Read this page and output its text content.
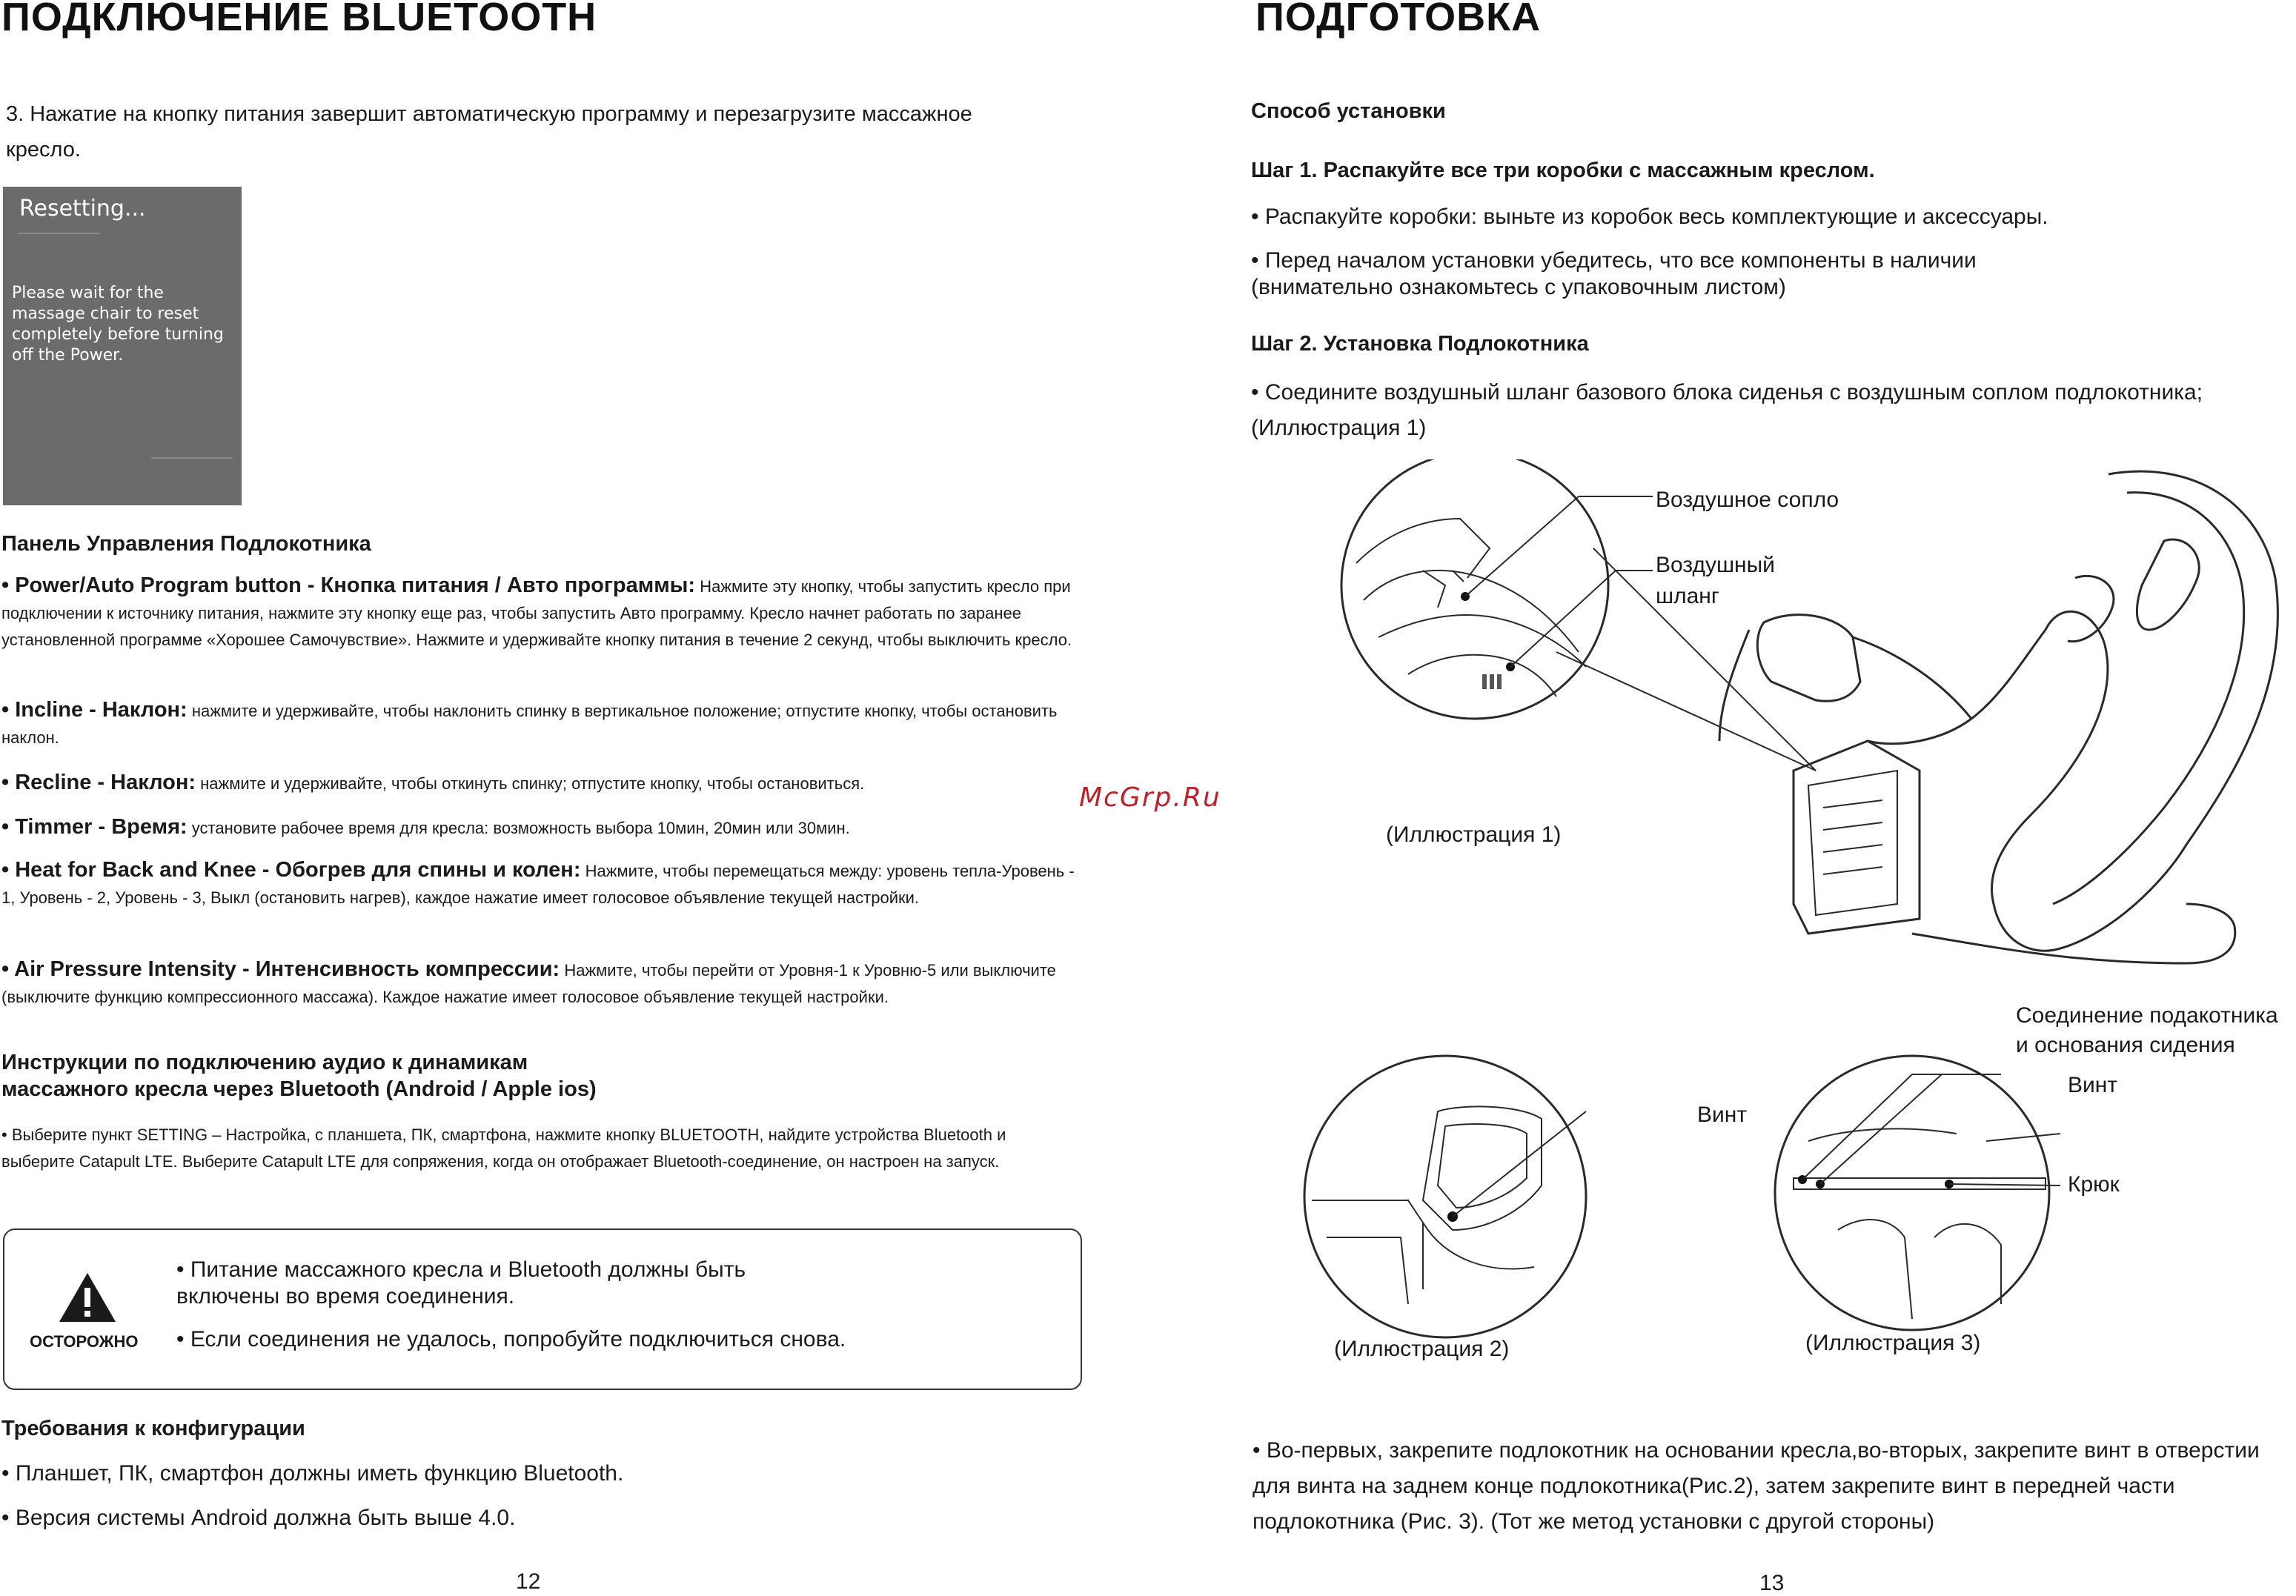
ПОДКЛЮЧЕНИЕ BLUETOOTH
3. Нажатие на кнопку питания завершит автоматическую программу и перезагрузите массажное кресло.
Resetting...
Please wait for the massage chair to reset completely before turning off the Power.
Панель Управления Подлокотника
• Power/Auto Program button - Кнопка питания / Авто программы: Нажмите эту кнопку, чтобы запустить кресло при подключении к источнику питания, нажмите эту кнопку еще раз, чтобы запустить Авто программу. Кресло начнет работать по заранее установленной программе «Хорошее Самочувствие». Нажмите и удерживайте кнопку питания в течение 2 секунд, чтобы выключить кресло.
• Incline - Наклон: нажмите и удерживайте, чтобы наклонить спинку в вертикальное положение; отпустите кнопку, чтобы остановить наклон.
• Recline - Наклон: нажмите и удерживайте, чтобы откинуть спинку; отпустите кнопку, чтобы остановиться.
• Timmer - Время: установите рабочее время для кресла: возможность выбора 10мин, 20мин или 30мин.
• Heat for Back and Knee - Обогрев для спины и колен: Нажмите, чтобы перемещаться между: уровень тепла-Уровень - 1, Уровень - 2, Уровень - 3, Выкл (остановить нагрев), каждое нажатие имеет голосовое объявление текущей настройки.
• Air Pressure Intensity - Интенсивность компрессии: Нажмите, чтобы перейти от Уровня-1 к Уровню-5 или выключите (выключите функцию компрессионного массажа). Каждое нажатие имеет голосовое объявление текущей настройки.
Инструкции по подключению аудио к динамикам
массажного кресла через Bluetooth (Android / Apple ios)
• Выберите пункт SETTING – Настройка, с планшета, ПК, смартфона, нажмите кнопку BLUETOOTH, найдите устройства Bluetooth и выберите Catapult LTE. Выберите Catapult LTE для сопряжения, когда он отображает Bluetooth-соединение, он настроен на запуск.
ОСТОРОЖНО
• Питание массажного кресла и Bluetooth должны быть включены во время соединения.
• Если соединения не удалось, попробуйте подключиться снова.
Требования к конфигурации
• Планшет, ПК, смартфон должны иметь функцию Bluetooth.
• Версия системы Android должна быть выше 4.0.
12
McGrp.Ru
ПОДГОТОВКА
Способ установки
Шаг 1. Распакуйте все три коробки с массажным креслом.
• Распакуйте коробки: выньте из коробок весь комплектующие и аксессуары.
• Перед началом установки убедитесь, что все компоненты в наличии (внимательно ознакомьтесь с упаковочным листом)
Шаг 2. Установка Подлокотника
• Соедините воздушный шланг базового блока сиденья с воздушным соплом подлокотника; (Иллюстрация 1)
Воздушное сопло
Воздушный
шланг
(Иллюстрация 1)
Винт
(Иллюстрация 2)
Соединение подакотника
и основания сидения
Винт
Крюк
(Иллюстрация 3)
• Во-первых, закрепите подлокотник на основании кресла,во-вторых, закрепите винт в отверстии для винта на заднем конце подлокотника(Рис.2), затем закрепите винт в передней части подлокотника (Рис. 3). (Тот же метод установки с другой стороны)
13
